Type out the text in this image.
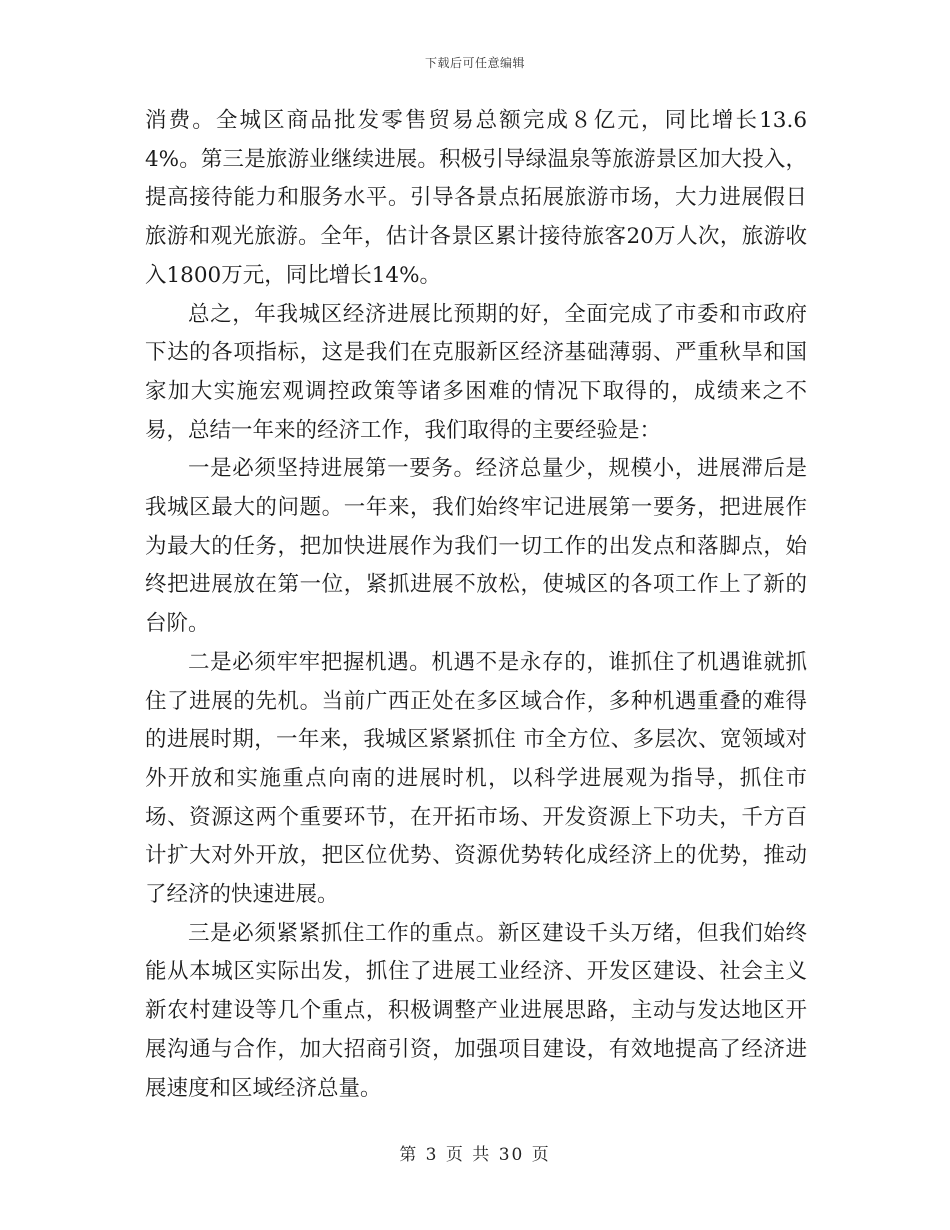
下载后可任意编辑

消费。全城区商品批发零售贸易总额完成８亿元，同比增长13.64%。第三是旅游业继续进展。积极引导绿温泉等旅游景区加大投入，提高接待能力和服务水平。引导各景点拓展旅游市场，大力进展假日旅游和观光旅游。全年，估计各景区累计接待旅客20万人次，旅游收入1800万元，同比增长14%。

总之，年我城区经济进展比预期的好，全面完成了市委和市政府下达的各项指标，这是我们在克服新区经济基础薄弱、严重秋旱和国家加大实施宏观调控政策等诸多困难的情况下取得的，成绩来之不易，总结一年来的经济工作，我们取得的主要经验是：

一是必须坚持进展第一要务。经济总量少，规模小，进展滞后是我城区最大的问题。一年来，我们始终牢记进展第一要务，把进展作为最大的任务，把加快进展作为我们一切工作的出发点和落脚点，始终把进展放在第一位，紧抓进展不放松，使城区的各项工作上了新的台阶。

二是必须牢牢把握机遇。机遇不是永存的，谁抓住了机遇谁就抓住了进展的先机。当前广西正处在多区域合作，多种机遇重叠的难得的进展时期，一年来，我城区紧紧抓住 市全方位、多层次、宽领域对外开放和实施重点向南的进展时机，以科学进展观为指导，抓住市场、资源这两个重要环节，在开拓市场、开发资源上下功夫，千方百计扩大对外开放，把区位优势、资源优势转化成经济上的优势，推动了经济的快速进展。

三是必须紧紧抓住工作的重点。新区建设千头万绪，但我们始终能从本城区实际出发，抓住了进展工业经济、开发区建设、社会主义新农村建设等几个重点，积极调整产业进展思路，主动与发达地区开展沟通与合作，加大招商引资，加强项目建设，有效地提高了经济进展速度和区域经济总量。

第 3 页 共 30 页
